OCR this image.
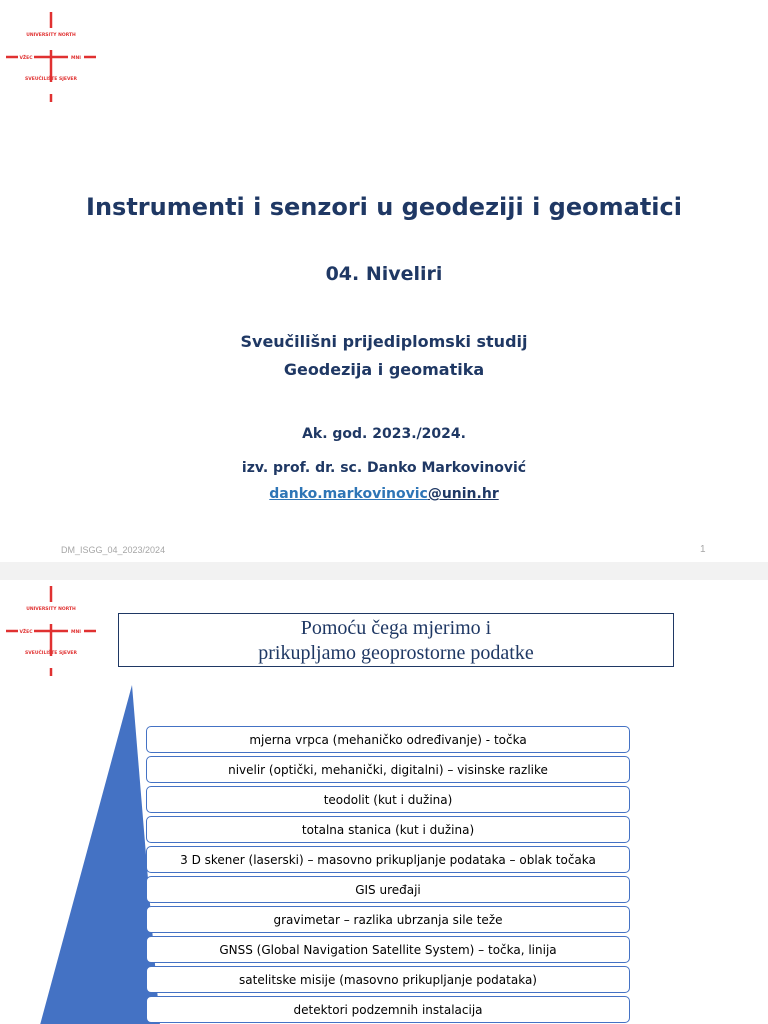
UNIVERSITY NORTH
SVEUČILIŠTE SJEVER
VŽEC	MNI
Instrumenti i senzori u geodeziji i geomatici
04. Niveliri
Sveučilišni prijediplomski studij
Geodezija i geomatika
Ak. god. 2023./2024.
izv. prof. dr. sc. Danko Markovinović
danko.markovinovic@unin.hr
DM_ISGG_04_2023/2024	1
UNIVERSITY NORTH
SVEUČILIŠTE SJEVER
VŽEC	MNI	Pomoću čega mjerimo i
prikupljamo geoprostorne podatke
mjerna vrpca (mehaničko određivanje) - točka
nivelir (optički, mehanički, digitalni) – visinske razlike
teodolit (kut i dužina)
totalna stanica (kut i dužina)
3 D skener (laserski) – masovno prikupljanje podataka – oblak točaka
GIS uređaji
gravimetar – razlika ubrzanja sile teže
GNSS (Global Navigation Satellite System) – točka, linija
satelitske misije (masovno prikupljanje podataka)
detektori podzemnih instalacija
